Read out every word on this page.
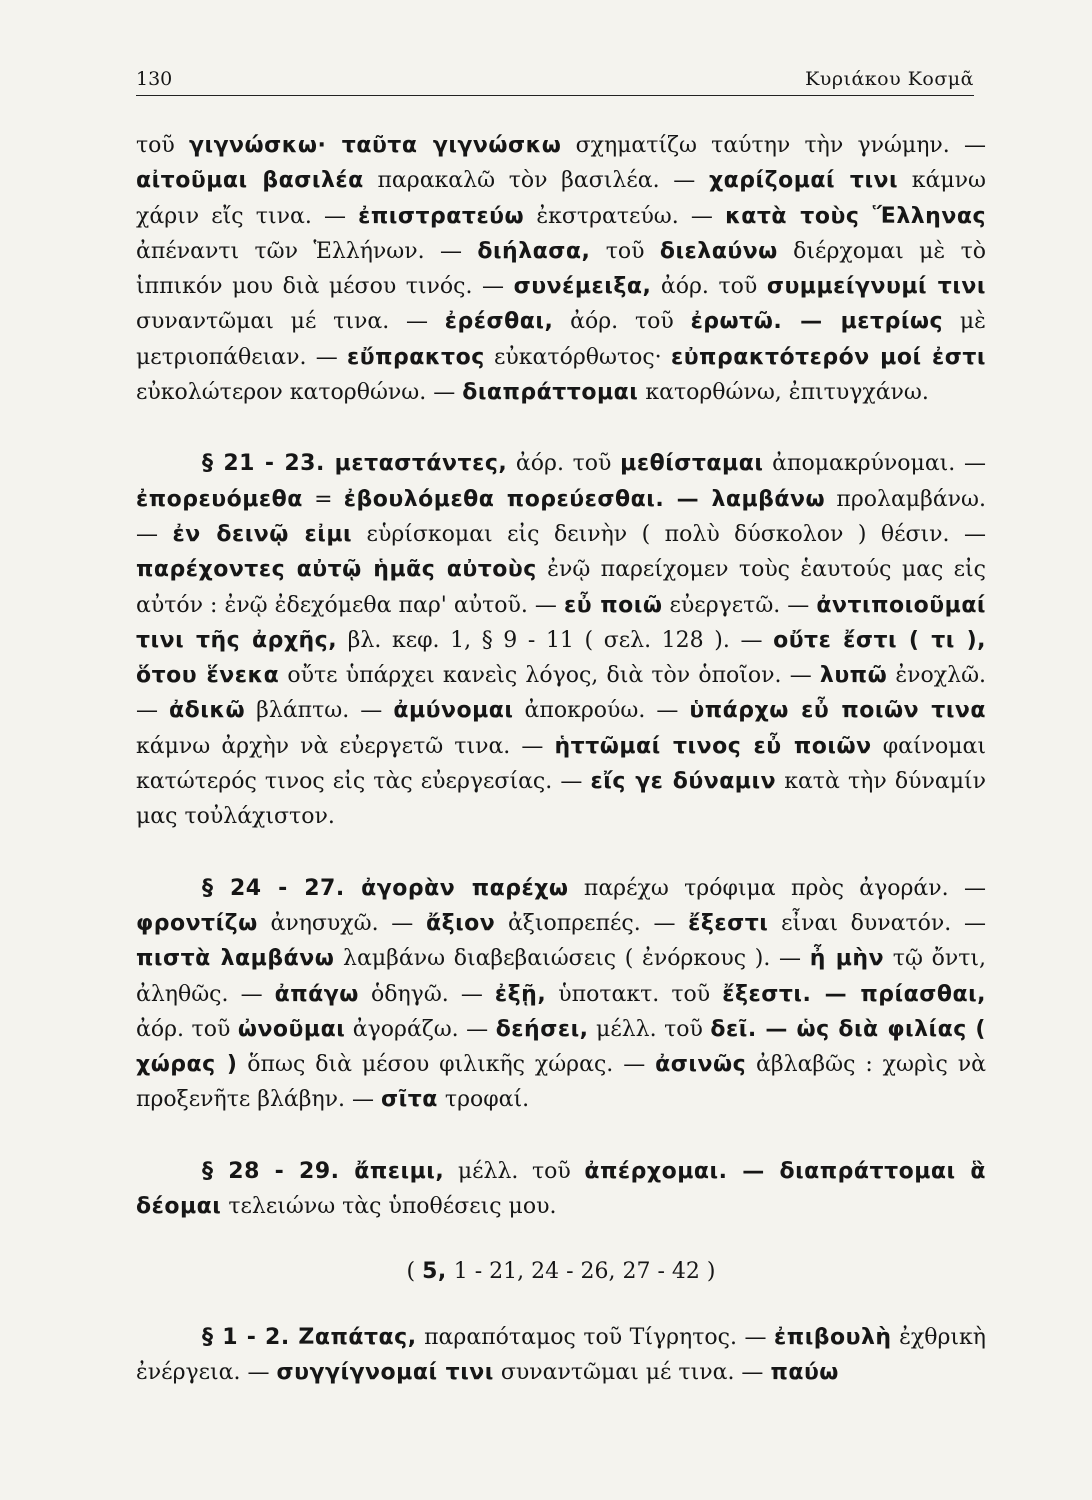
130	Κυριάκου Κοσμᾶ

τοῦ γιγνώσκω· ταῦτα γιγνώσκω σχηματίζω ταύτην τὴν γνώμην. — αἰτοῦμαι βασιλέα παρακαλῶ τὸν βασιλέα. — χαρίζομαί τινι κάμνω χάριν εἴς τινα. — ἐπιστρατεύω ἐκστρατεύω. — κατὰ τοὺς Ἕλληνας ἀπέναντι τῶν Ἑλλήνων. — διήλασα, τοῦ διελαύνω διέρχομαι μὲ τὸ ἱππικόν μου διὰ μέσου τινός. — συνέμειξα, ἀόρ. τοῦ συμμείγνυμί τινι συναντῶμαι μέ τινα. — ἐρέσθαι, ἀόρ. τοῦ ἐρωτῶ. — μετρίως μὲ μετριοπάθειαν. — εὔπρακτος εὐκατόρθωτος· εὐπρακτότερόν μοί ἐστι εὐκολώτερον κατορθώνω. — διαπράττομαι κατορθώνω, ἐπιτυγχάνω.

§ 21 - 23. μεταστάντες, ἀόρ. τοῦ μεθίσταμαι ἀπομακρύνομαι. — ἐπορευόμεθα = ἐβουλόμεθα πορεύεσθαι. — λαμβάνω προλαμβάνω. — ἐν δεινῷ εἰμι εὑρίσκομαι εἰς δεινὴν ( πολὺ δύσκολον ) θέσιν. — παρέχοντες αὐτῷ ἡμᾶς αὐτοὺς ἐνῷ παρείχομεν τοὺς ἑαυτούς μας εἰς αὐτόν : ἐνῷ ἐδεχόμεθα παρ' αὐτοῦ. — εὖ ποιῶ εὐεργετῶ. — ἀντιποιοῦμαί τινι τῆς ἀρχῆς, βλ. κεφ. 1, § 9 - 11 ( σελ. 128 ). — οὔτε ἔστι ( τι ), ὅτου ἕνεκα οὔτε ὑπάρχει κανεὶς λόγος, διὰ τὸν ὁποῖον. — λυπῶ ἐνοχλῶ. — ἀδικῶ βλάπτω. — ἀμύνομαι ἀποκρούω. — ὑπάρχω εὖ ποιῶν τινα κάμνω ἀρχὴν νὰ εὐεργετῶ τινα. — ἡττῶμαί τινος εὖ ποιῶν φαίνομαι κατώτερός τινος εἰς τὰς εὐεργεσίας. — εἴς γε δύναμιν κατὰ τὴν δύναμίν μας τοὐλάχιστον.

§ 24 - 27. ἀγορὰν παρέχω παρέχω τρόφιμα πρὸς ἀγοράν. — φροντίζω ἀνησυχῶ. — ἄξιον ἀξιοπρεπές. — ἔξεστι εἶναι δυνατόν. — πιστὰ λαμβάνω λαμβάνω διαβεβαιώσεις ( ἐνόρκους ). — ἦ μὴν τῷ ὄντι, ἀληθῶς. — ἀπάγω ὁδηγῶ. — ἐξῇ, ὑποτακτ. τοῦ ἔξεστι. — πρίασθαι, ἀόρ. τοῦ ὠνοῦμαι ἀγοράζω. — δεήσει, μέλλ. τοῦ δεῖ. — ὡς διὰ φιλίας ( χώρας ) ὅπως διὰ μέσου φιλικῆς χώρας. — ἀσινῶς ἀβλαβῶς : χωρὶς νὰ προξενῆτε βλάβην. — σῖτα τροφαί.

§ 28 - 29. ἄπειμι, μέλλ. τοῦ ἀπέρχομαι. — διαπράττομαι ἃ δέομαι τελειώνω τὰς ὑποθέσεις μου.

( 5, 1 - 21, 24 - 26, 27 - 42 )

§ 1 - 2. Ζαπάτας, παραπόταμος τοῦ Τίγρητος. — ἐπιβουλὴ ἐχθρικὴ ἐνέργεια. — συγγίγνομαί τινι συναντῶμαι μέ τινα. — παύω
